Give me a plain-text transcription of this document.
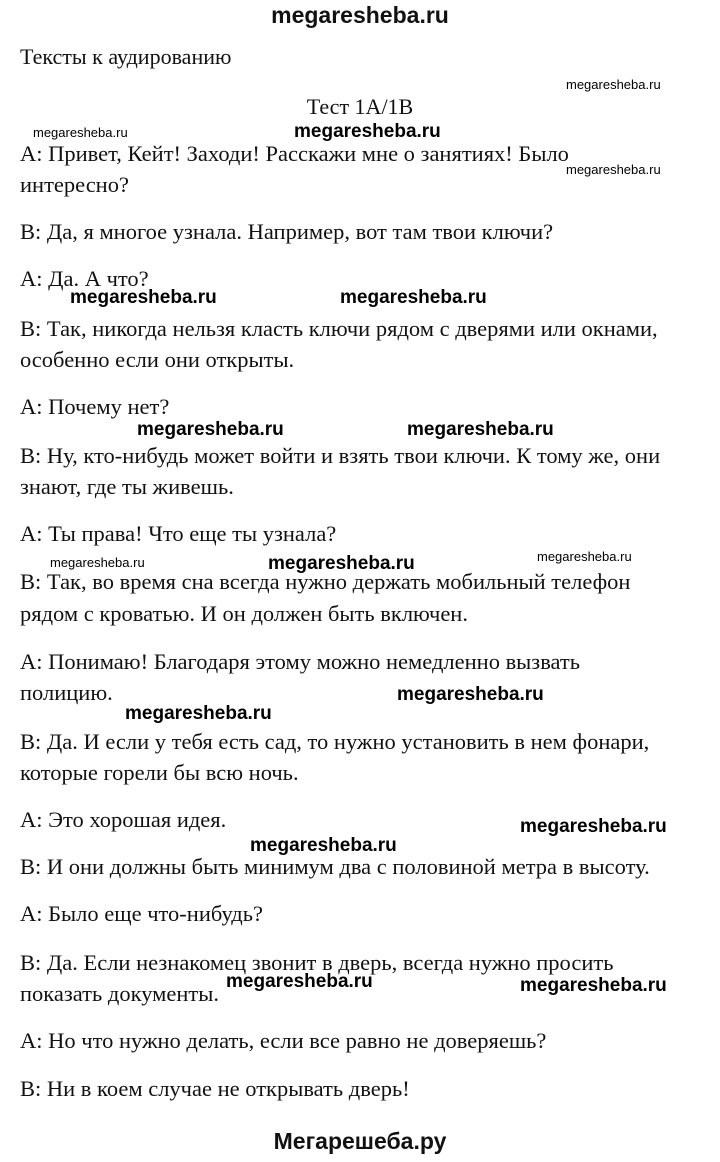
megaresheba.ru
Тексты к аудированию
Тест 1А/1В
А: Привет, Кейт! Заходи! Расскажи мне о занятиях! Было
интересно?
В: Да, я многое узнала. Например, вот там твои ключи?
А: Да. А что?
В: Так, никогда нельзя класть ключи рядом с дверями или окнами,
особенно если они открыты.
А: Почему нет?
В: Ну, кто-нибудь может войти и взять твои ключи. К тому же, они
знают, где ты живешь.
А: Ты права! Что еще ты узнала?
В: Так, во время сна всегда нужно держать мобильный телефон
рядом с кроватью. И он должен быть включен.
А: Понимаю! Благодаря этому можно немедленно вызвать
полицию.
В: Да. И если у тебя есть сад, то нужно установить в нем фонари,
которые горели бы всю ночь.
А: Это хорошая идея.
В: И они должны быть минимум два с половиной метра в высоту.
А: Было еще что-нибудь?
В: Да. Если незнакомец звонит в дверь, всегда нужно просить
показать документы.
А: Но что нужно делать, если все равно не доверяешь?
В: Ни в коем случае не открывать дверь!
megaresheba.ru
megaresheba.ru	megaresheba.ru
megaresheba.ru
megaresheba.ru	megaresheba.ru
megaresheba.ru	megaresheba.ru
megaresheba.ru	megaresheba.ru	megaresheba.ru
megaresheba.ru
megaresheba.ru
megaresheba.ru
megaresheba.ru
megaresheba.ru	megaresheba.ru
Мегарешеба.ру
